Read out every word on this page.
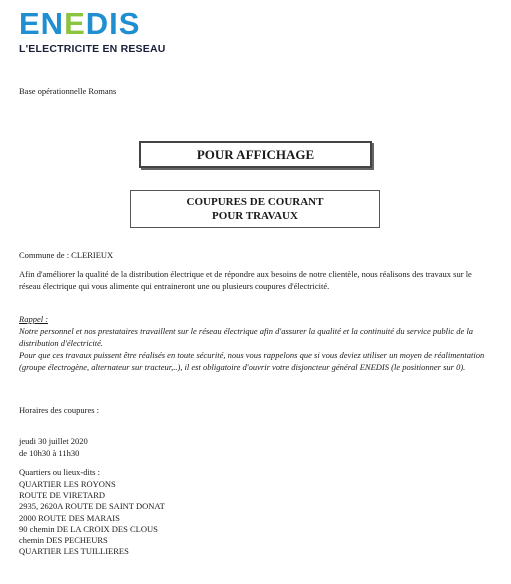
ENEDIS
L'ELECTRICITE EN RESEAU
Base opérationnelle Romans
POUR AFFICHAGE
COUPURES DE COURANT
POUR TRAVAUX
Commune de : CLERIEUX
Afin d'améliorer la qualité de la distribution électrique et de répondre aux besoins de notre clientèle, nous réalisons des travaux sur le réseau électrique qui vous alimente qui entraineront une ou plusieurs coupures d'électricité.
Rappel :

Notre personnel et nos prestataires travaillent sur le réseau électrique afin d'assurer la qualité et la continuité du service public de la distribution d'électricité.

Pour que ces travaux puissent être réalisés en toute sécurité, nous vous rappelons que si vous deviez utiliser un moyen de réalimentation (groupe électrogène, alternateur sur tracteur,..), il est obligatoire d'ouvrir votre disjoncteur général ENEDIS (le positionner sur 0).

Horaires des coupures :
jeudi 30 juillet 2020
de 10h30 à 11h30
Quartiers ou lieux-dits :
QUARTIER LES ROYONS
ROUTE DE VIRETARD
2935, 2620A ROUTE DE SAINT DONAT
2000 ROUTE DES MARAIS
90 chemin DE LA CROIX DES CLOUS
chemin DES PECHEURS
QUARTIER LES TUILLIERES
